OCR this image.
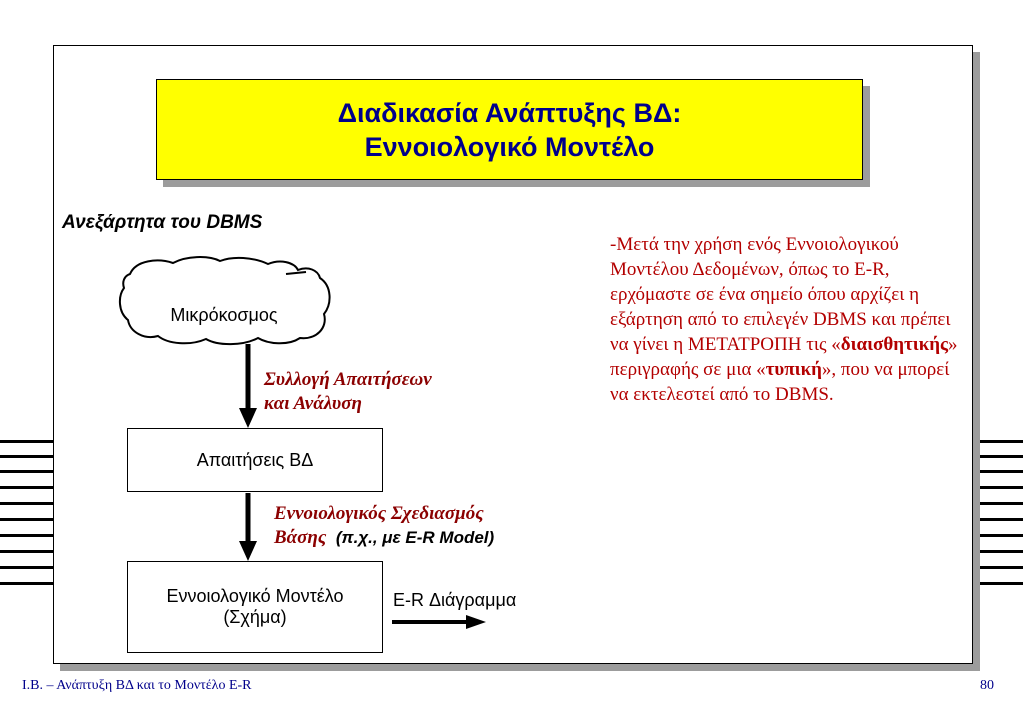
Διαδικασία Ανάπτυξης ΒΔ:
Εννοιολογικό Μοντέλο
Ανεξάρτητα του DBMS
Μικρόκοσμος
Συλλογή Απαιτήσεων
και Ανάλυση
Απαιτήσεις ΒΔ
Εννοιολογικός Σχεδιασμός
Βάσης (π.χ., με E-R Model)
Εννοιολογικό Μοντέλο
(Σχήμα)
E-R Διάγραμμα
-Μετά την χρήση ενός Εννοιολογικού Μοντέλου Δεδομένων, όπως το E-R, ερχόμαστε σε ένα σημείο όπου αρχίζει η εξάρτηση από το επιλεγέν DBMS και πρέπει να γίνει η ΜΕΤΑΤΡΟΠΗ τις «διαισθητικής» περιγραφής σε μια «τυπική», που να μπορεί να εκτελεστεί από το DBMS.
Ι.Β. – Ανάπτυξη ΒΔ και το Μοντέλο E-R	80
